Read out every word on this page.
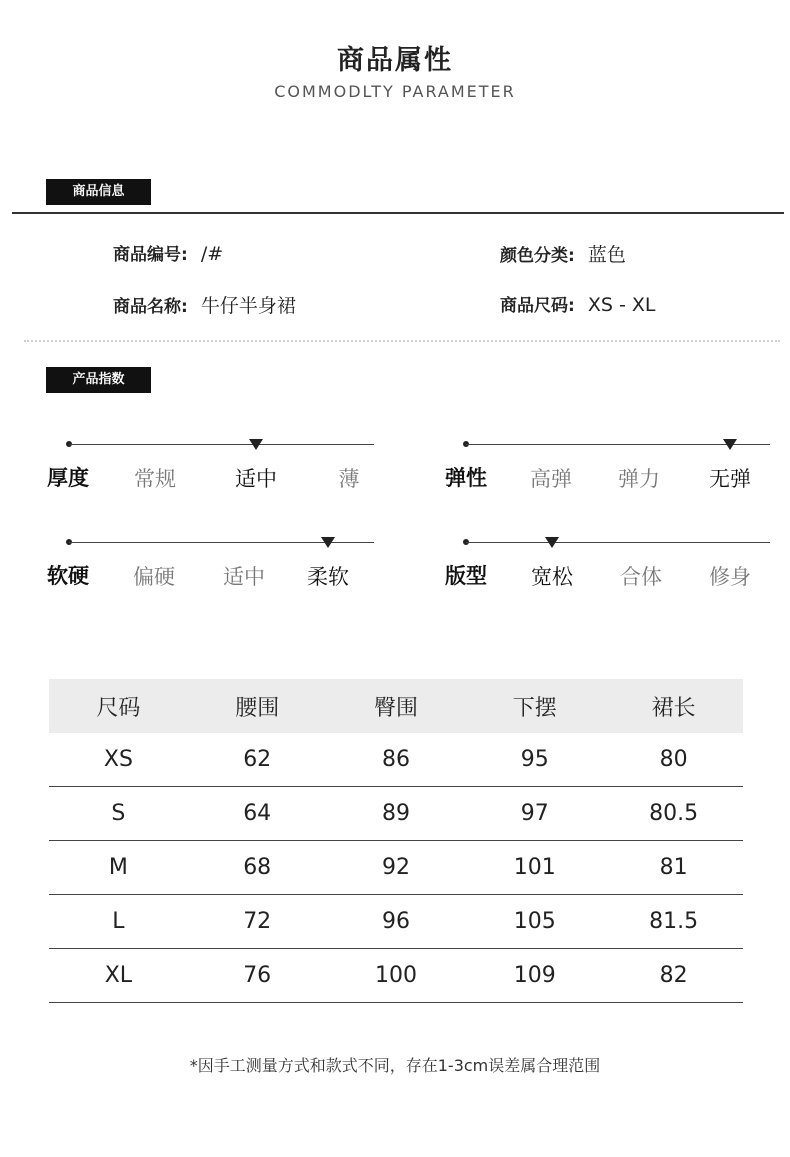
商品属性
COMMODLTY PARAMETER
商品信息
商品编号: /#	颜色分类: 蓝色
商品名称: 牛仔半身裙	商品尺码: XS - XL
产品指数
厚度	常规	适中	薄	弹性	高弹	弹力	无弹
软硬	偏硬	适中	柔软	版型	宽松	合体	修身
尺码	腰围	臀围	下摆	裙长
XS	62	86	95	80
S	64	89	97	80.5
M	68	92	101	81
L	72	96	105	81.5
XL	76	100	109	82
*因手工测量方式和款式不同，存在1-3cm误差属合理范围
